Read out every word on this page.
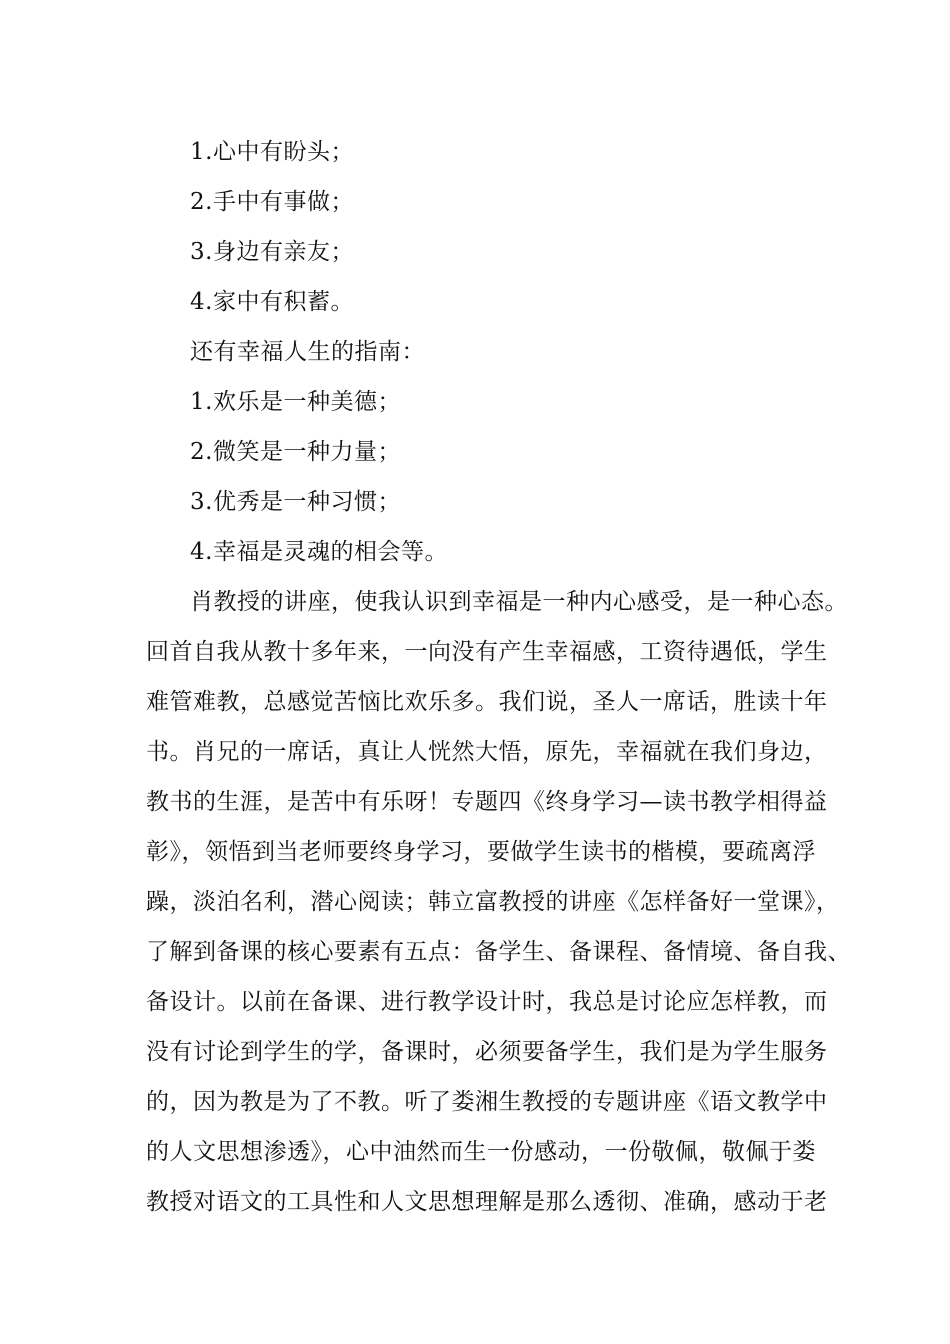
1.心中有盼头；
2.手中有事做；
3.身边有亲友；
4.家中有积蓄。
还有幸福人生的指南：
1.欢乐是一种美德；
2.微笑是一种力量；
3.优秀是一种习惯；
4.幸福是灵魂的相会等。
肖教授的讲座，使我认识到幸福是一种内心感受，是一种心态。
回首自我从教十多年来，一向没有产生幸福感，工资待遇低，学生
难管难教，总感觉苦恼比欢乐多。我们说，圣人一席话，胜读十年
书。肖兄的一席话，真让人恍然大悟，原先，幸福就在我们身边，
教书的生涯，是苦中有乐呀！专题四《终身学习—读书教学相得益
彰》，领悟到当老师要终身学习，要做学生读书的楷模，要疏离浮
躁，淡泊名利，潜心阅读；韩立富教授的讲座《怎样备好一堂课》，
了解到备课的核心要素有五点：备学生、备课程、备情境、备自我、
备设计。以前在备课、进行教学设计时，我总是讨论应怎样教，而
没有讨论到学生的学，备课时，必须要备学生，我们是为学生服务
的，因为教是为了不教。听了娄湘生教授的专题讲座《语文教学中
的人文思想渗透》，心中油然而生一份感动，一份敬佩，敬佩于娄
教授对语文的工具性和人文思想理解是那么透彻、准确，感动于老
